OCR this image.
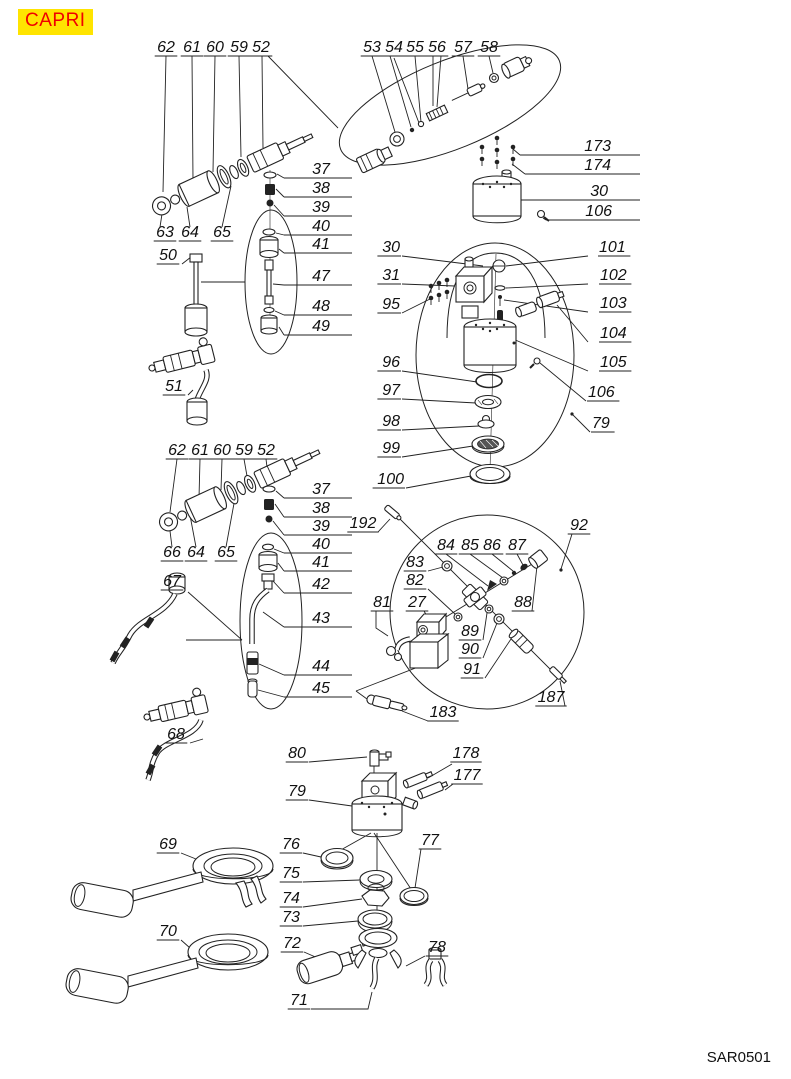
CAPRI
62 61 60 59 52	53 54 55 56 57 58
173
174
30
106
63 64 65
50
37
38
39
40
41
47
48
49
51
30
31
95
96
97
98
99
100
101
102
103
104
105
106
79
62 61 60 59 52
66 64 65
37
38
39
40
41
42
43
44
45
67
68
192	92
84 85 86 87
83
82
81 27	88
89
90
91
187
183
80
79
178
177
69
70
76
75
74
73
72
71
77
78
SAR0501
